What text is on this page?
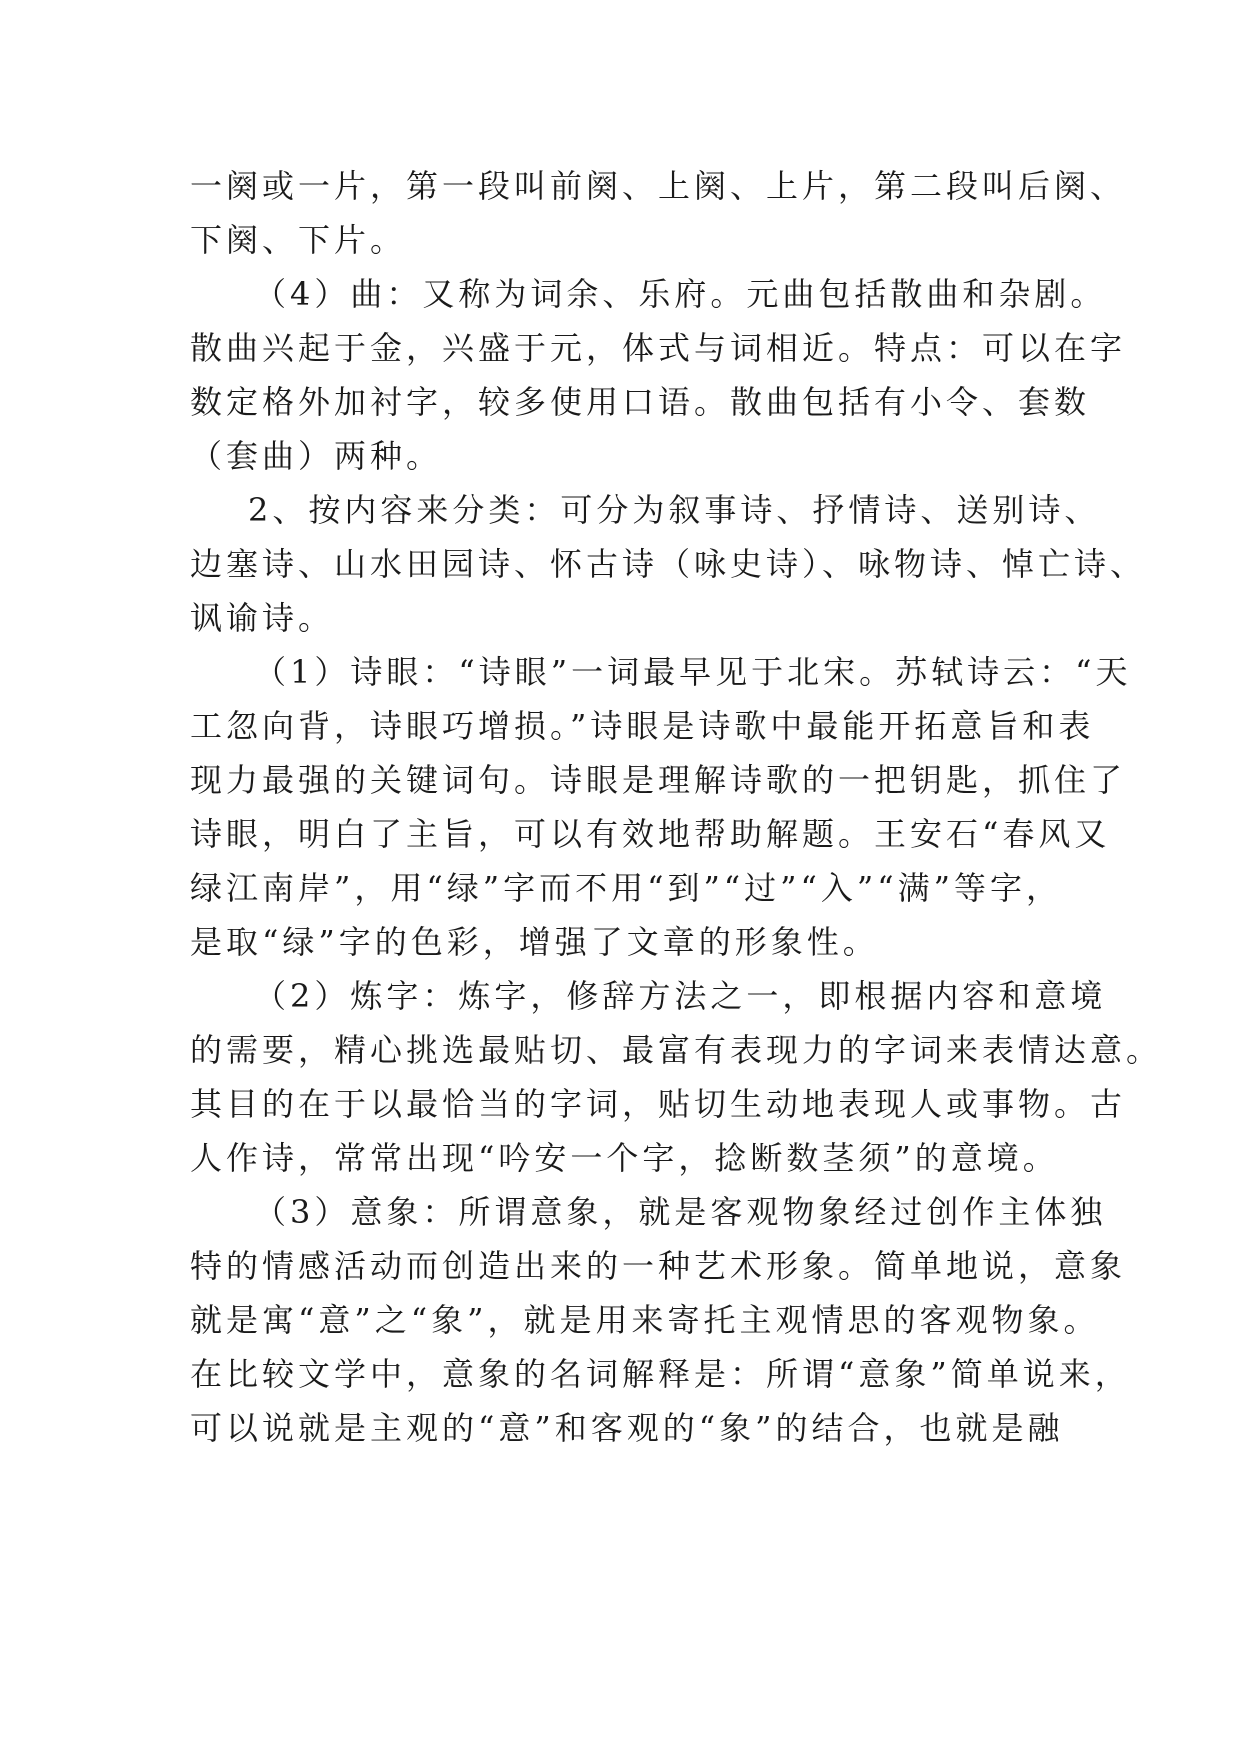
一阕或一片，第一段叫前阕、上阕、上片，第二段叫后阕、
下阕、下片。
（4）曲：又称为词余、乐府。元曲包括散曲和杂剧。
散曲兴起于金，兴盛于元，体式与词相近。特点：可以在字
数定格外加衬字，较多使用口语。散曲包括有小令、套数
（套曲）两种。
2、按内容来分类：可分为叙事诗、抒情诗、送别诗、
边塞诗、山水田园诗、怀古诗（咏史诗）、咏物诗、悼亡诗、
讽谕诗。
（1）诗眼：“诗眼”一词最早见于北宋。苏轼诗云：“天
工忽向背，诗眼巧增损。”诗眼是诗歌中最能开拓意旨和表
现力最强的关键词句。诗眼是理解诗歌的一把钥匙，抓住了
诗眼，明白了主旨，可以有效地帮助解题。王安石“春风又
绿江南岸”，用“绿”字而不用“到”“过”“入”“满”等字，
是取“绿”字的色彩，增强了文章的形象性。
（2）炼字：炼字，修辞方法之一，即根据内容和意境
的需要，精心挑选最贴切、最富有表现力的字词来表情达意。
其目的在于以最恰当的字词，贴切生动地表现人或事物。古
人作诗，常常出现“吟安一个字，捻断数茎须”的意境。
（3）意象：所谓意象，就是客观物象经过创作主体独
特的情感活动而创造出来的一种艺术形象。简单地说，意象
就是寓“意”之“象”，就是用来寄托主观情思的客观物象。
在比较文学中，意象的名词解释是：所谓“意象”简单说来，
可以说就是主观的“意”和客观的“象”的结合，也就是融
